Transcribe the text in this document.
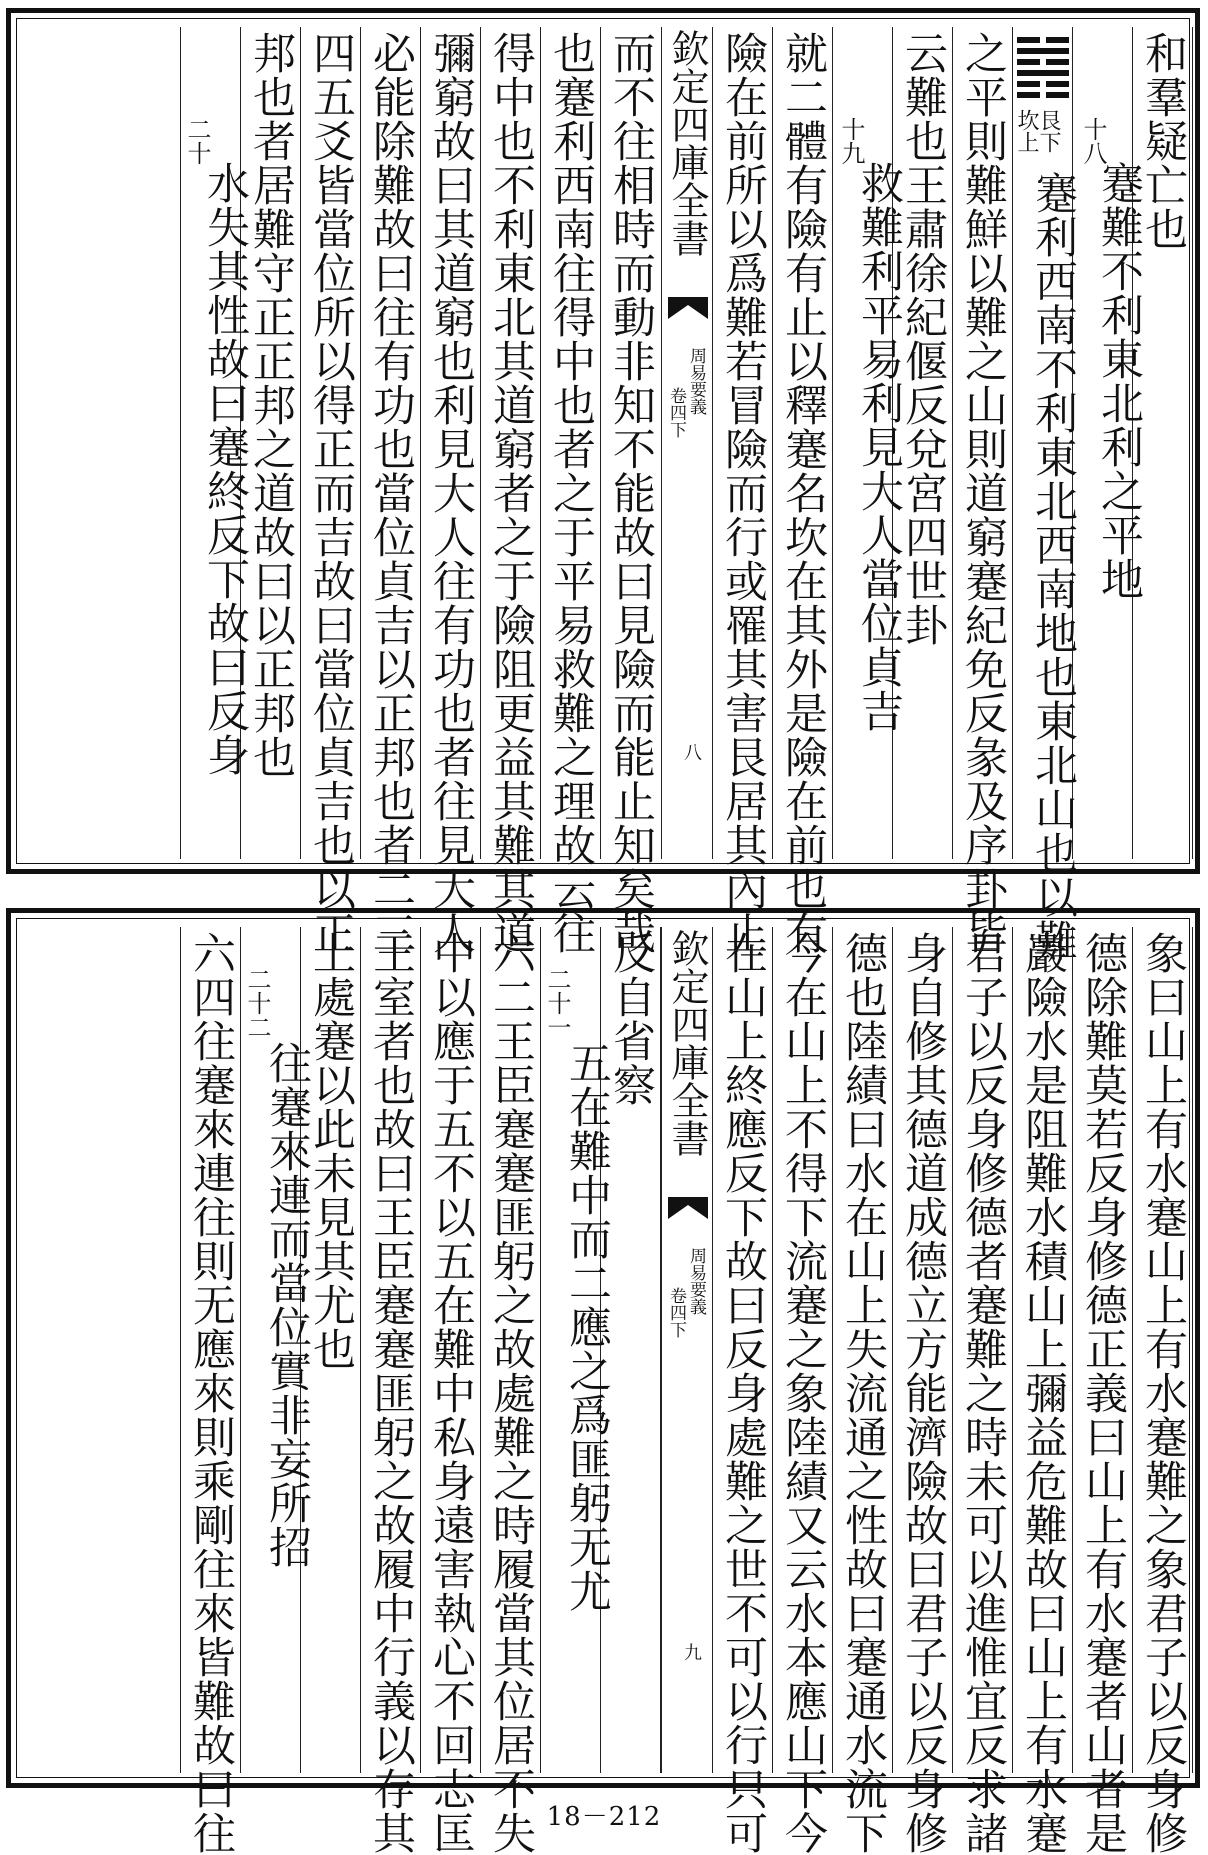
和羣疑亡也
十八
蹇難不利東北利之平地
艮下坎上
蹇利西南不利東北西南地也東北山也以難
之平則難鮮以難之山則道窮蹇紀免反彖及序卦皆
云難也王肅徐紀偃反兌宮四世卦
十九
救難利平易利見大人當位貞吉
就二體有險有止以釋蹇名坎在其外是險在前也有
險在前所以爲難若冒險而行或罹其害艮居其內止
欽定四庫全書
周易要義
卷四下
八
而不往相時而動非知不能故曰見險而能止知矣哉
也蹇利西南往得中也者之于平易救難之理故云往
得中也不利東北其道窮者之于險阻更益其難其道
彌窮故曰其道窮也利見大人往有功也者往見大人
必能除難故曰往有功也當位貞吉以正邦也者二三
四五爻皆當位所以得正而吉故曰當位貞吉也以正
邦也者居難守正正邦之道故曰以正邦也
二十
水失其性故曰蹇終反下故曰反身
象曰山上有水蹇山上有水蹇難之象君子以反身修
德除難莫若反身修德正義曰山上有水蹇者山者是
巖險水是阻難水積山上彌益危難故曰山上有水蹇
君子以反身修德者蹇難之時未可以進惟宜反求諸
身自修其德道成德立方能濟險故曰君子以反身修
德也陸績曰水在山上失流通之性故曰蹇通水流下
今在山上不得下流蹇之象陸績又云水本應山下今
在山上終應反下故曰反身處難之世不可以行只可
欽定四庫全書
周易要義
卷四下
九
反自省察
二十一
五在難中而二應之爲匪躬无尤
六二王臣蹇蹇匪躬之故處難之時履當其位居不失
中以應于五不以五在難中私身遠害執心不回志匡
王室者也故曰王臣蹇蹇匪躬之故履中行義以存其
上處蹇以此未見其尤也
二十二
往蹇來連而當位實非妄所招
六四往蹇來連往則无應來則乘剛往來皆難故曰往	18－212
